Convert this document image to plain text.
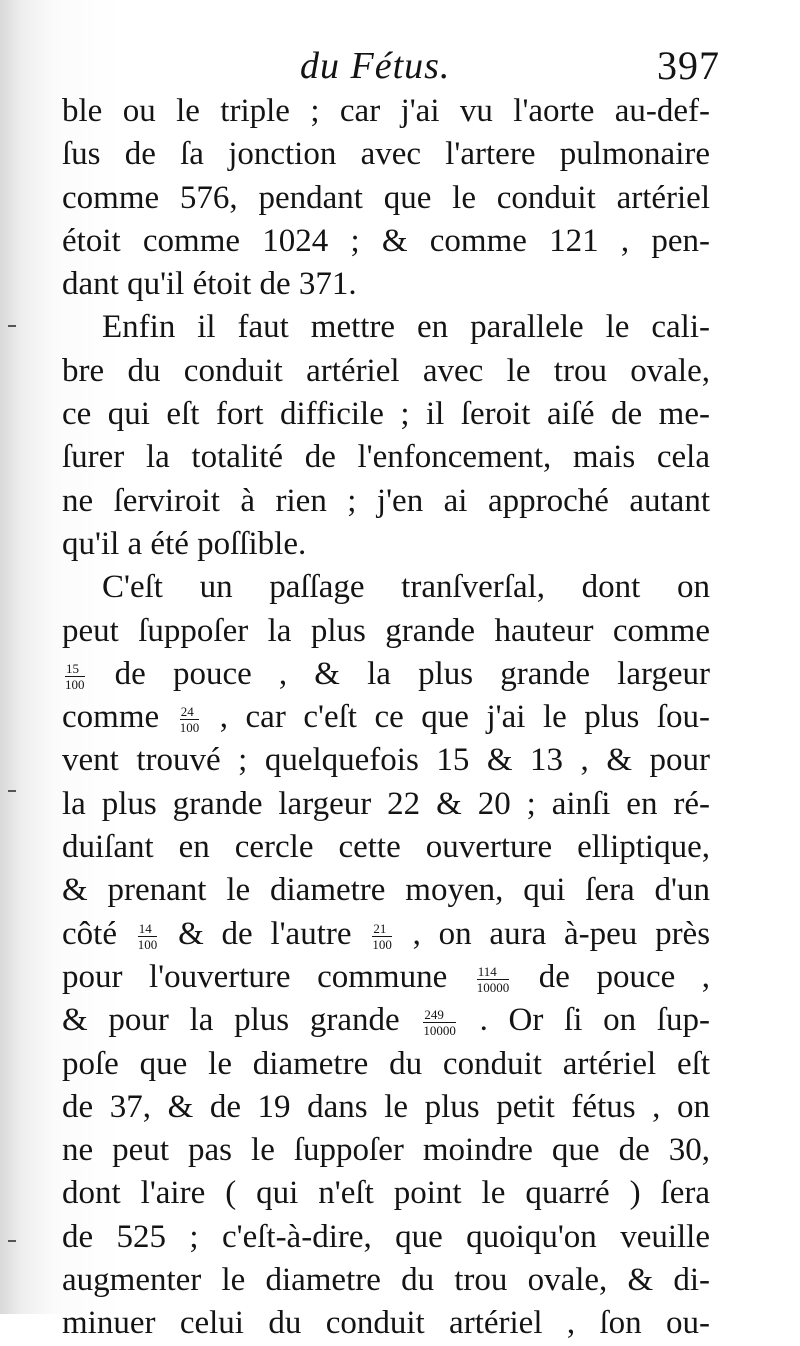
du Fétus.	397
ble ou le triple ; car j'ai vu l'aorte au-def-
ſus de ſa jonction avec l'artere pulmonaire
comme 576, pendant que le conduit artériel
étoit comme 1024 ; & comme 121 , pen-
dant qu'il étoit de 371.
Enfin il faut mettre en parallele le cali-
bre du conduit artériel avec le trou ovale,
ce qui eſt fort difficile ; il ſeroit aiſé de me-
ſurer la totalité de l'enfoncement, mais cela
ne ſerviroit à rien ; j'en ai approché autant
qu'il a été poſſible.
C'eſt un paſſage tranſverſal, dont on
peut ſuppoſer la plus grande hauteur comme
$\frac{15}{100}$ de pouce , & la plus grande largeur
comme $\frac{24}{100}$ , car c'eſt ce que j'ai le plus ſou-
vent trouvé ; quelquefois 15 & 13 , & pour
la plus grande largeur 22 & 20 ; ainſi en ré-
duiſant en cercle cette ouverture elliptique,
& prenant le diametre moyen, qui ſera d'un
côté $\frac{14}{100}$ & de l'autre $\frac{21}{100}$ , on aura à-peu près
pour l'ouverture commune $\frac{114}{10000}$ de pouce ,
& pour la plus grande $\frac{249}{10000}$ . Or ſi on ſup-
poſe que le diametre du conduit artériel eſt
de 37, & de 19 dans le plus petit fétus , on
ne peut pas le ſuppoſer moindre que de 30,
dont l'aire ( qui n'eſt point le quarré ) ſera
de 525 ; c'eſt-à-dire, que quoiqu'on veuille
augmenter le diametre du trou ovale, & di-
minuer celui du conduit artériel , ſon ou-
